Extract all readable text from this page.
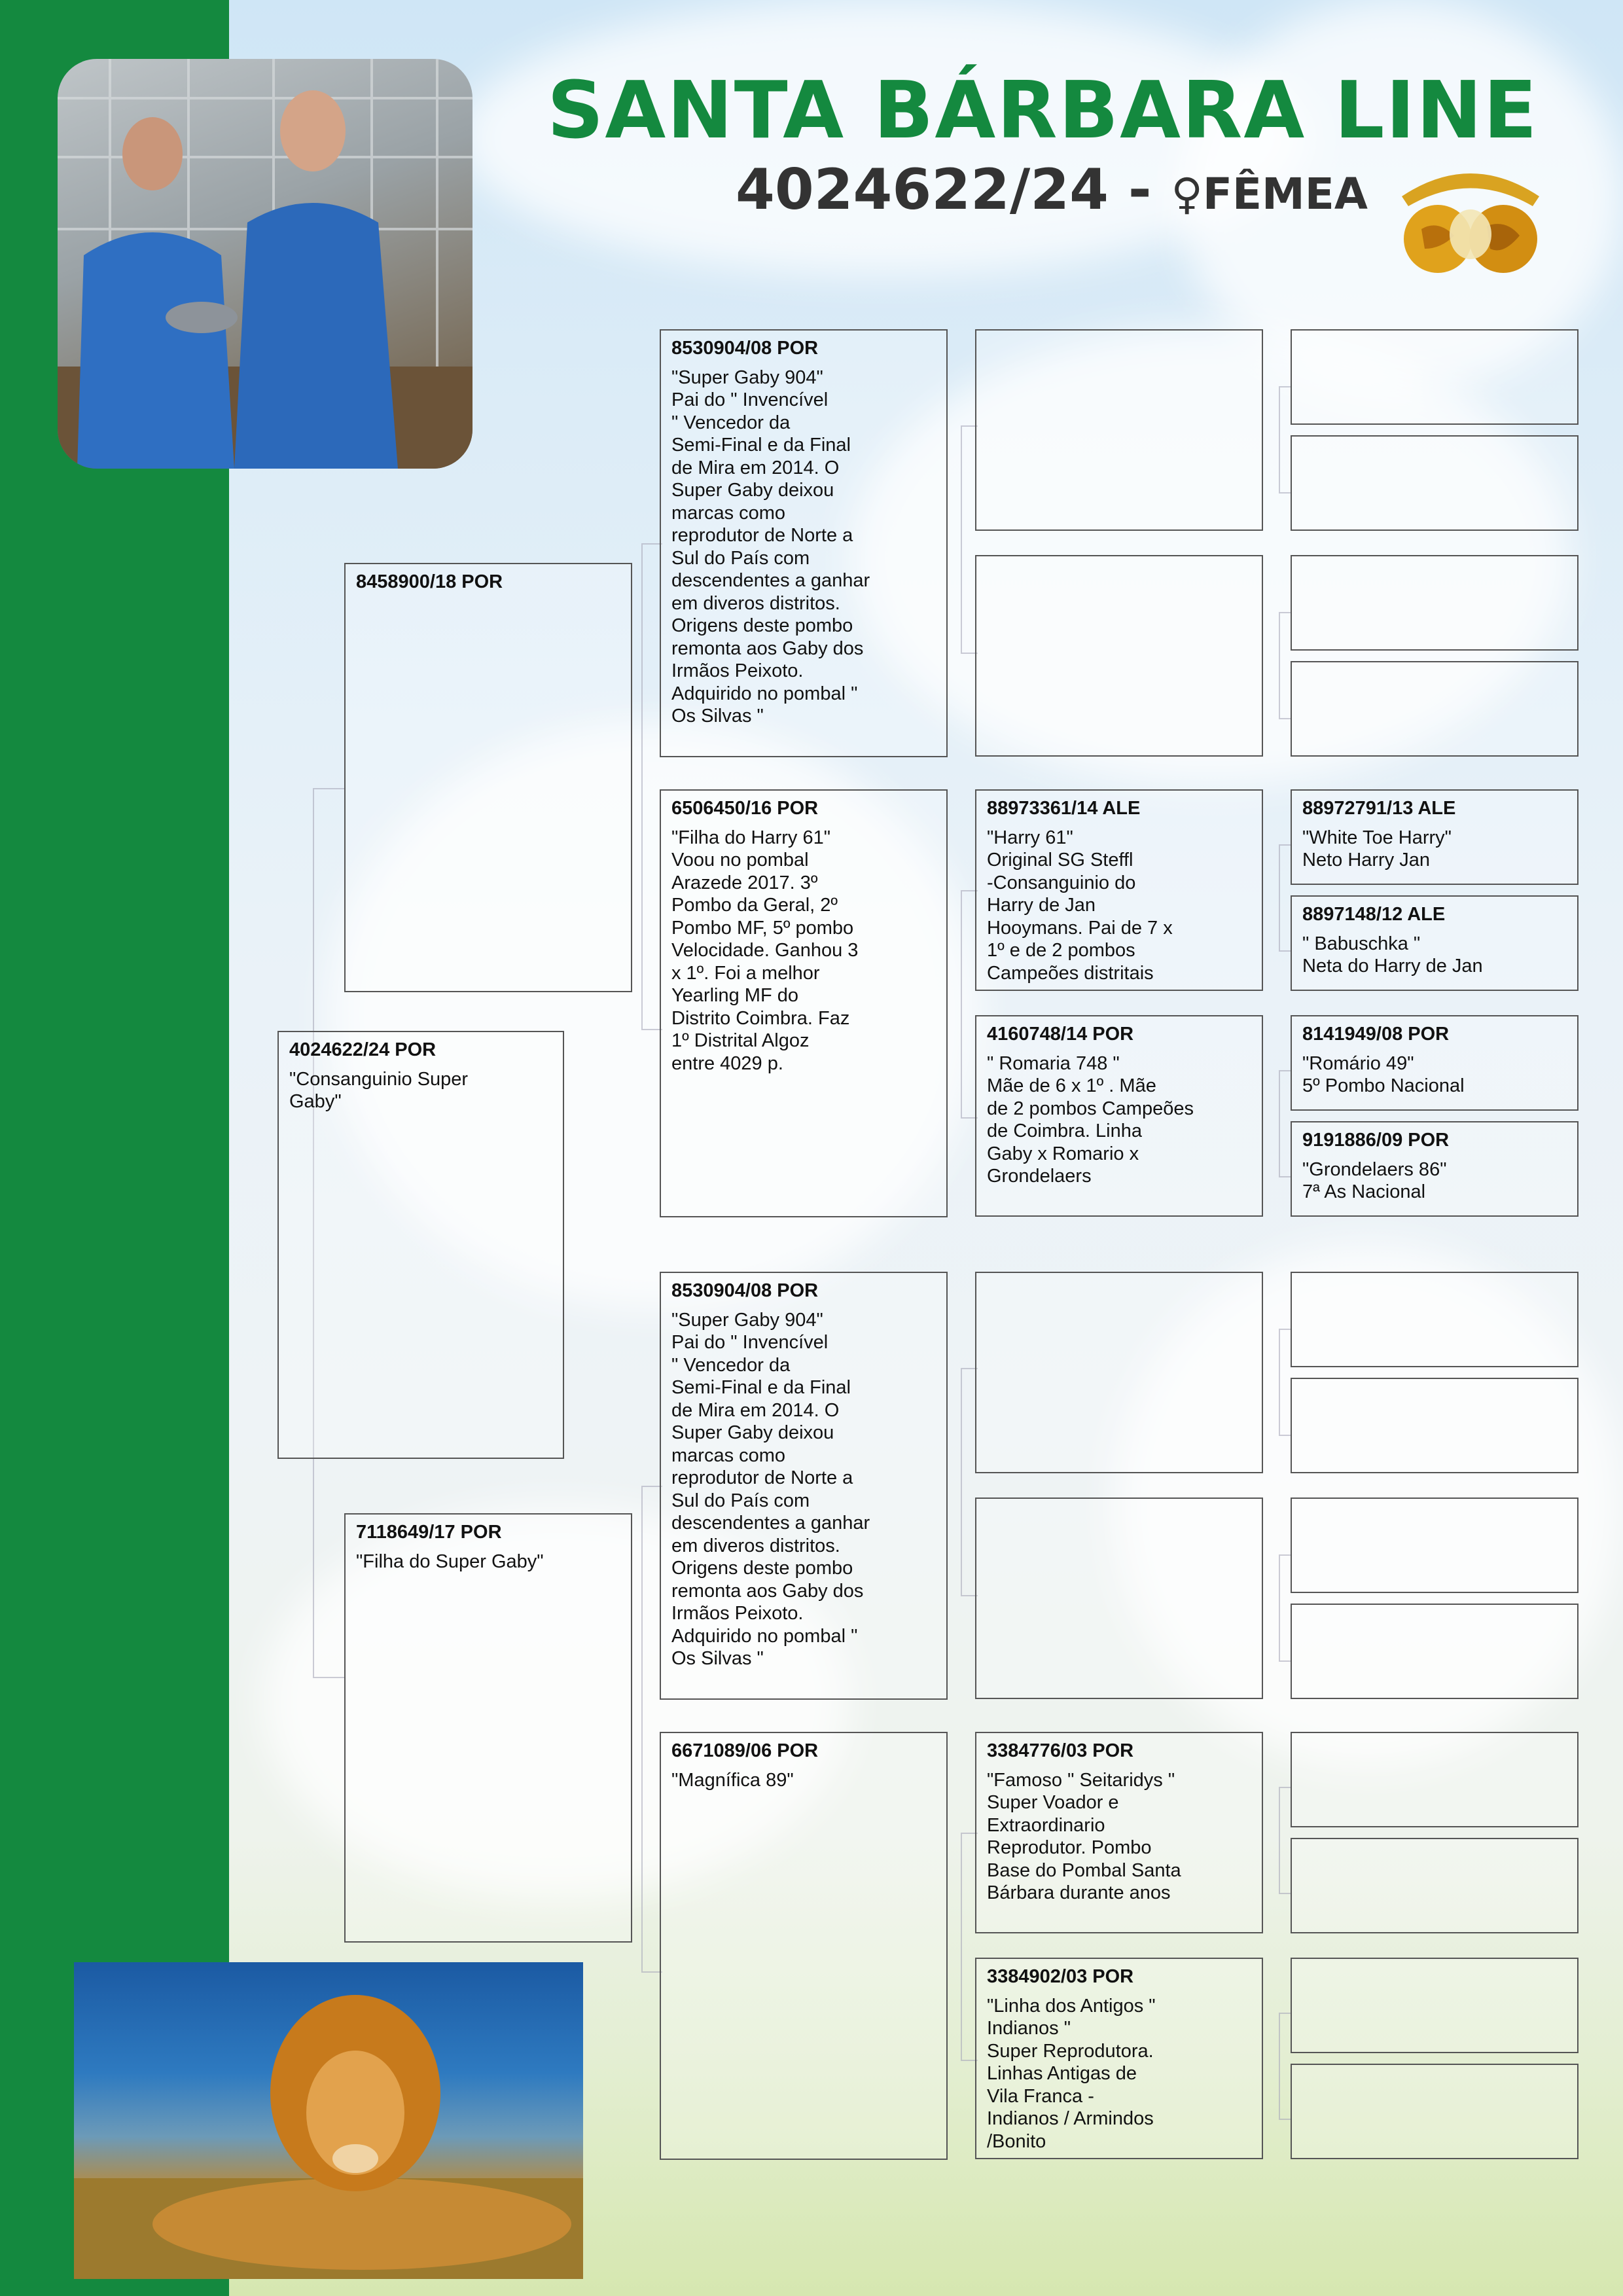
SANTA BÁRBARA LINE
4024622/24 - ♀FÊMEA
4024622/24 POR
"Consanguinio Super
Gaby"
8458900/18 POR
7118649/17 POR
"Filha do Super Gaby"
8530904/08 POR
"Super Gaby 904"
Pai do " Invencível
" Vencedor da
Semi-Final e da Final
de Mira em 2014. O
Super Gaby deixou
marcas como
reprodutor de Norte a
Sul do País com
descendentes a ganhar
em diveros distritos.
Origens deste pombo
remonta aos Gaby dos
Irmãos Peixoto.
Adquirido no pombal "
Os Silvas "
6506450/16 POR
"Filha do Harry 61"
Voou no pombal
Arazede 2017. 3º
Pombo da Geral, 2º
Pombo MF, 5º pombo
Velocidade. Ganhou 3
x 1º. Foi a melhor
Yearling MF do
Distrito Coimbra. Faz
1º Distrital Algoz
entre 4029 p.
8530904/08 POR
"Super Gaby 904"
Pai do " Invencível
" Vencedor da
Semi-Final e da Final
de Mira em 2014. O
Super Gaby deixou
marcas como
reprodutor de Norte a
Sul do País com
descendentes a ganhar
em diveros distritos.
Origens deste pombo
remonta aos Gaby dos
Irmãos Peixoto.
Adquirido no pombal "
Os Silvas "
6671089/06 POR
"Magnífica 89"
88973361/14 ALE
"Harry 61"
Original SG Steffl
-Consanguinio do
Harry de Jan
Hooymans. Pai de 7 x
1º e de 2 pombos
Campeões distritais
4160748/14 POR
" Romaria 748 "
Mãe de 6 x 1º . Mãe
de 2 pombos Campeões
de Coimbra. Linha
Gaby x Romario x
Grondelaers
3384776/03 POR
"Famoso " Seitaridys "
Super Voador e
Extraordinario
Reprodutor. Pombo
Base do Pombal Santa
Bárbara durante anos
3384902/03 POR
"Linha dos Antigos "
Indianos "
Super Reprodutora.
Linhas Antigas de
Vila Franca -
Indianos / Armindos
/Bonito
88972791/13 ALE
"White Toe Harry"
Neto Harry Jan
8897148/12 ALE
" Babuschka "
Neta do Harry de Jan
8141949/08 POR
"Romário 49"
5º Pombo Nacional
9191886/09 POR
"Grondelaers 86"
7ª As Nacional
